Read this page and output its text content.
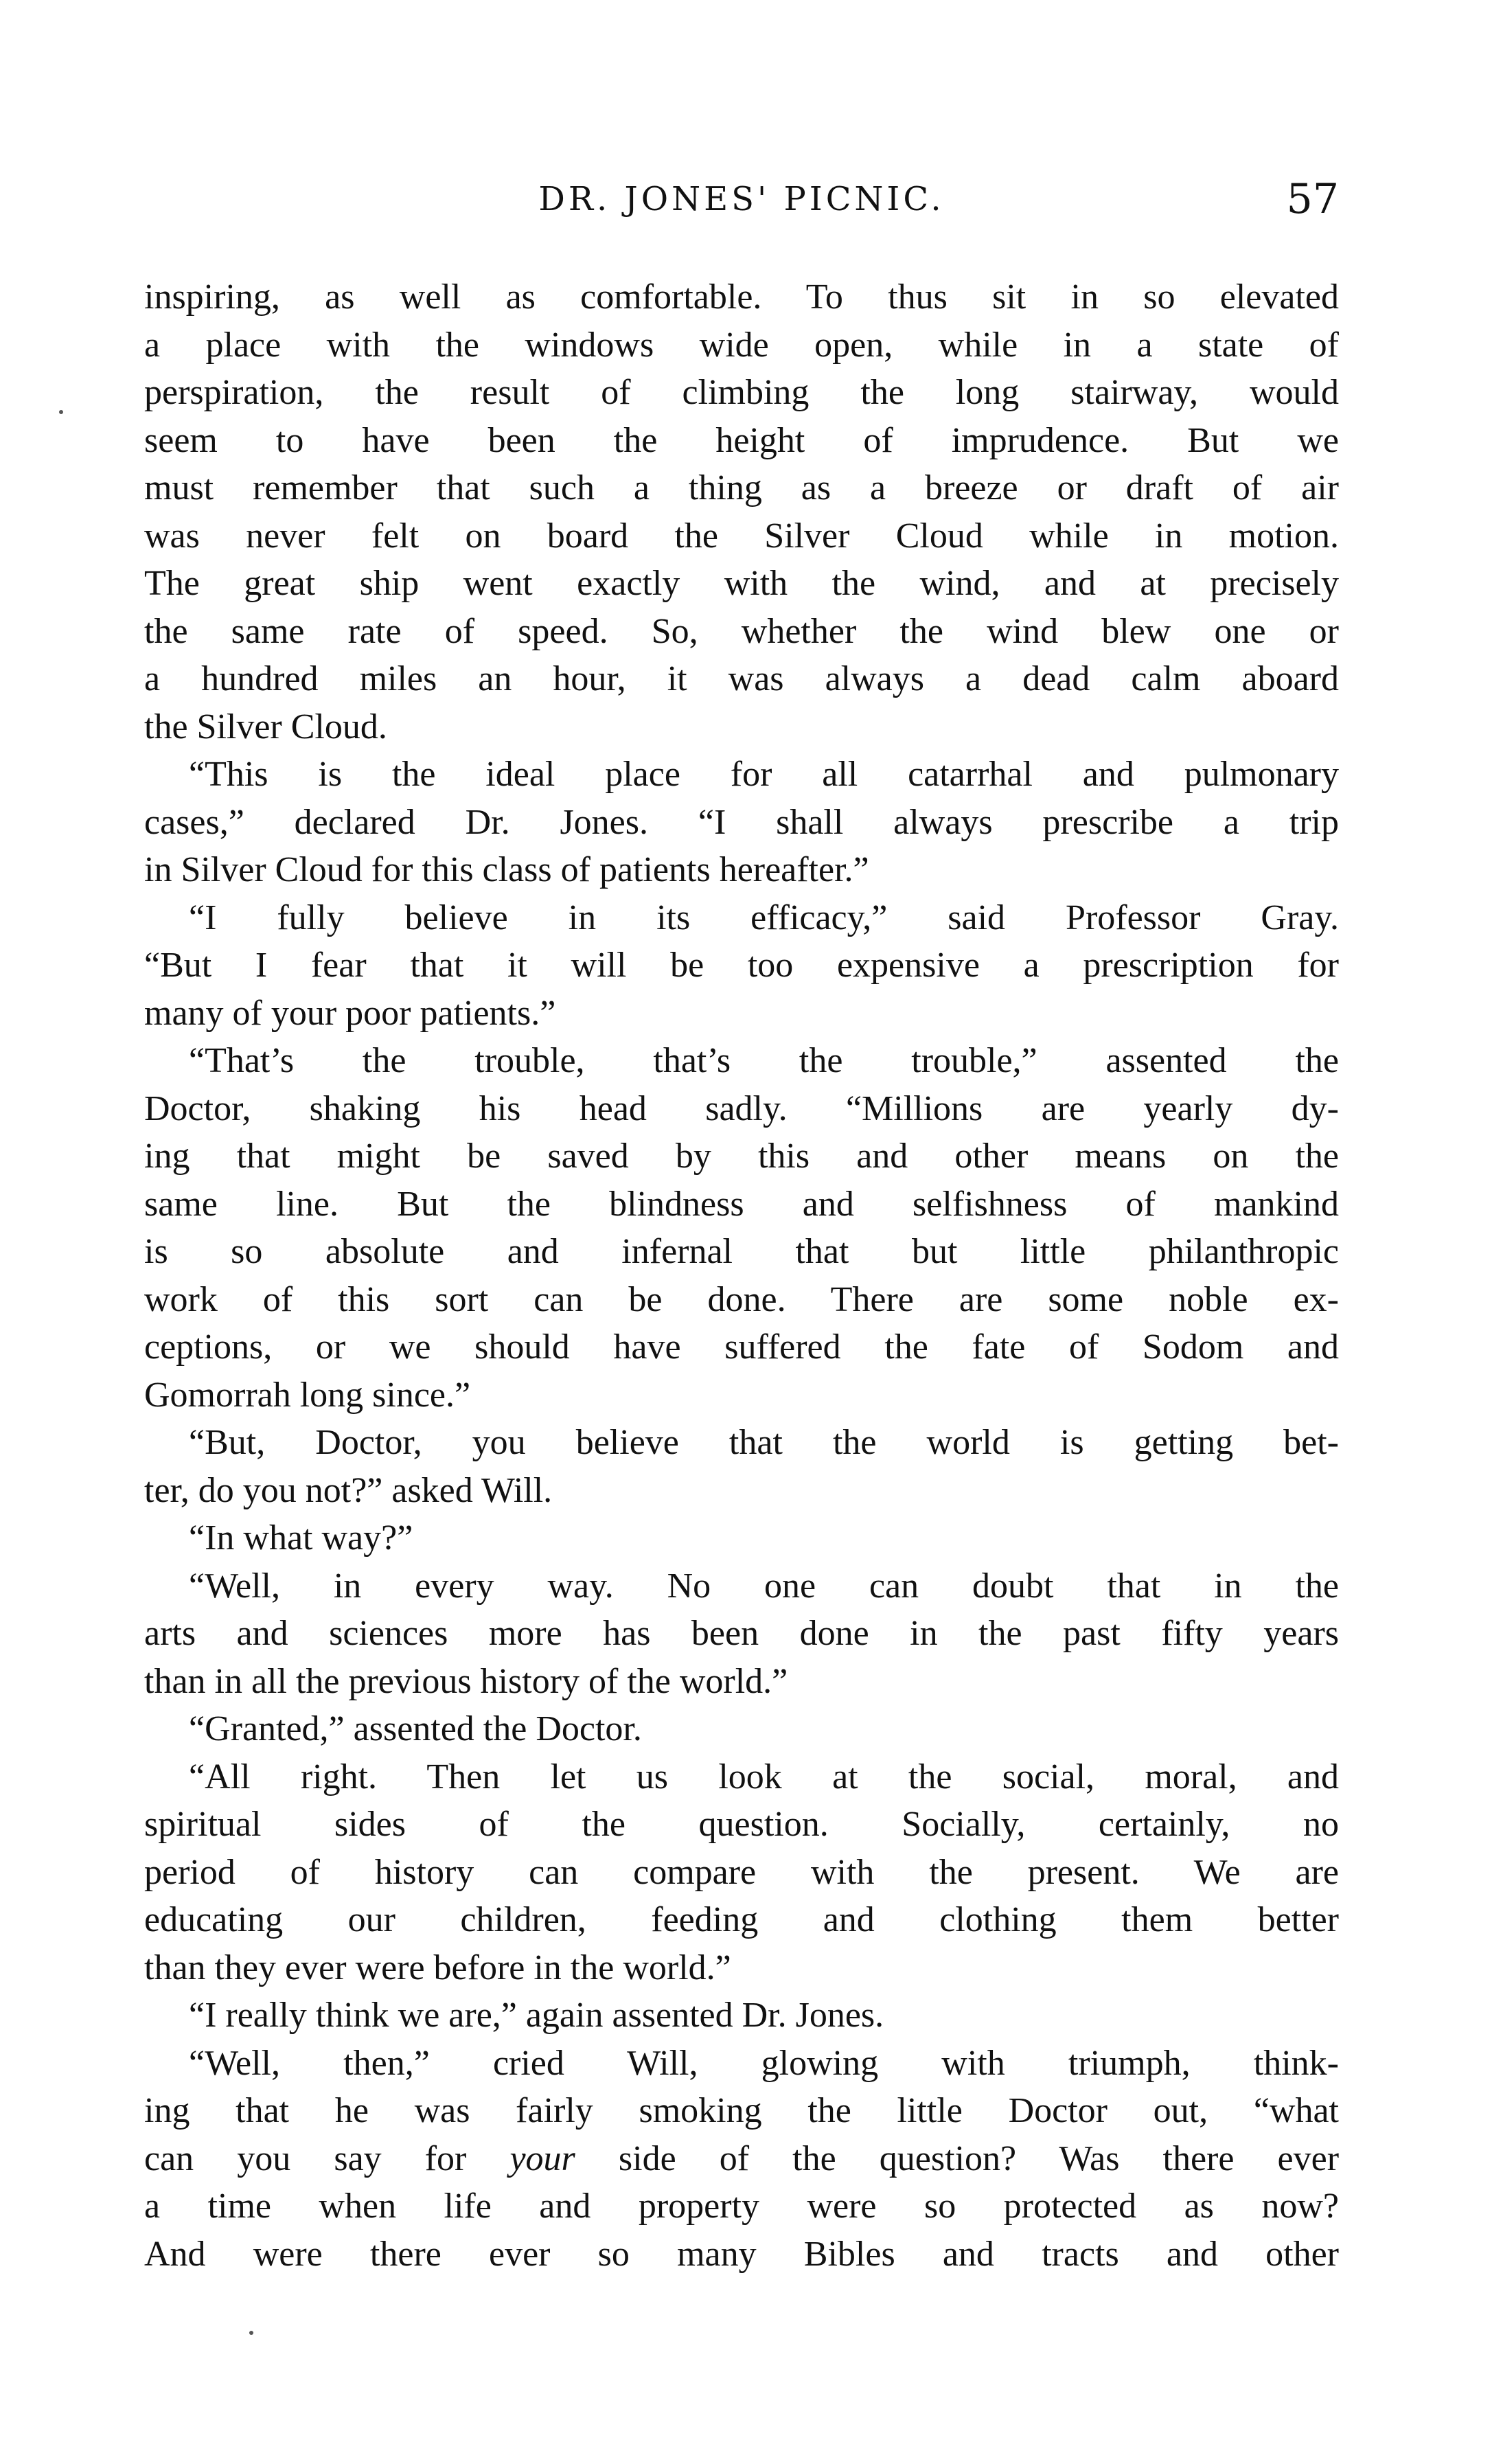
DR. JONES' PICNIC.	57
inspiring, as well as comfortable. To thus sit in so elevated
a place with the windows wide open, while in a state of
perspiration, the result of climbing the long stairway, would
seem to have been the height of imprudence. But we
must remember that such a thing as a breeze or draft of air
was never felt on board the Silver Cloud while in motion.
The great ship went exactly with the wind, and at precisely
the same rate of speed. So, whether the wind blew one or
a hundred miles an hour, it was always a dead calm aboard
the Silver Cloud.
“This is the ideal place for all catarrhal and pulmonary
cases,” declared Dr. Jones. “I shall always prescribe a trip
in Silver Cloud for this class of patients hereafter.”
“I fully believe in its efficacy,” said Professor Gray.
“But I fear that it will be too expensive a prescription for
many of your poor patients.”
“That’s the trouble, that’s the trouble,” assented the
Doctor, shaking his head sadly. “Millions are yearly dy-
ing that might be saved by this and other means on the
same line. But the blindness and selfishness of mankind
is so absolute and infernal that but little philanthropic
work of this sort can be done. There are some noble ex-
ceptions, or we should have suffered the fate of Sodom and
Gomorrah long since.”
“But, Doctor, you believe that the world is getting bet-
ter, do you not?” asked Will.
“In what way?”
“Well, in every way. No one can doubt that in the
arts and sciences more has been done in the past fifty years
than in all the previous history of the world.”
“Granted,” assented the Doctor.
“All right. Then let us look at the social, moral, and
spiritual sides of the question. Socially, certainly, no
period of history can compare with the present. We are
educating our children, feeding and clothing them better
than they ever were before in the world.”
“I really think we are,” again assented Dr. Jones.
“Well, then,” cried Will, glowing with triumph, think-
ing that he was fairly smoking the little Doctor out, “what
can you say for your side of the question? Was there ever
a time when life and property were so protected as now?
And were there ever so many Bibles and tracts and other
